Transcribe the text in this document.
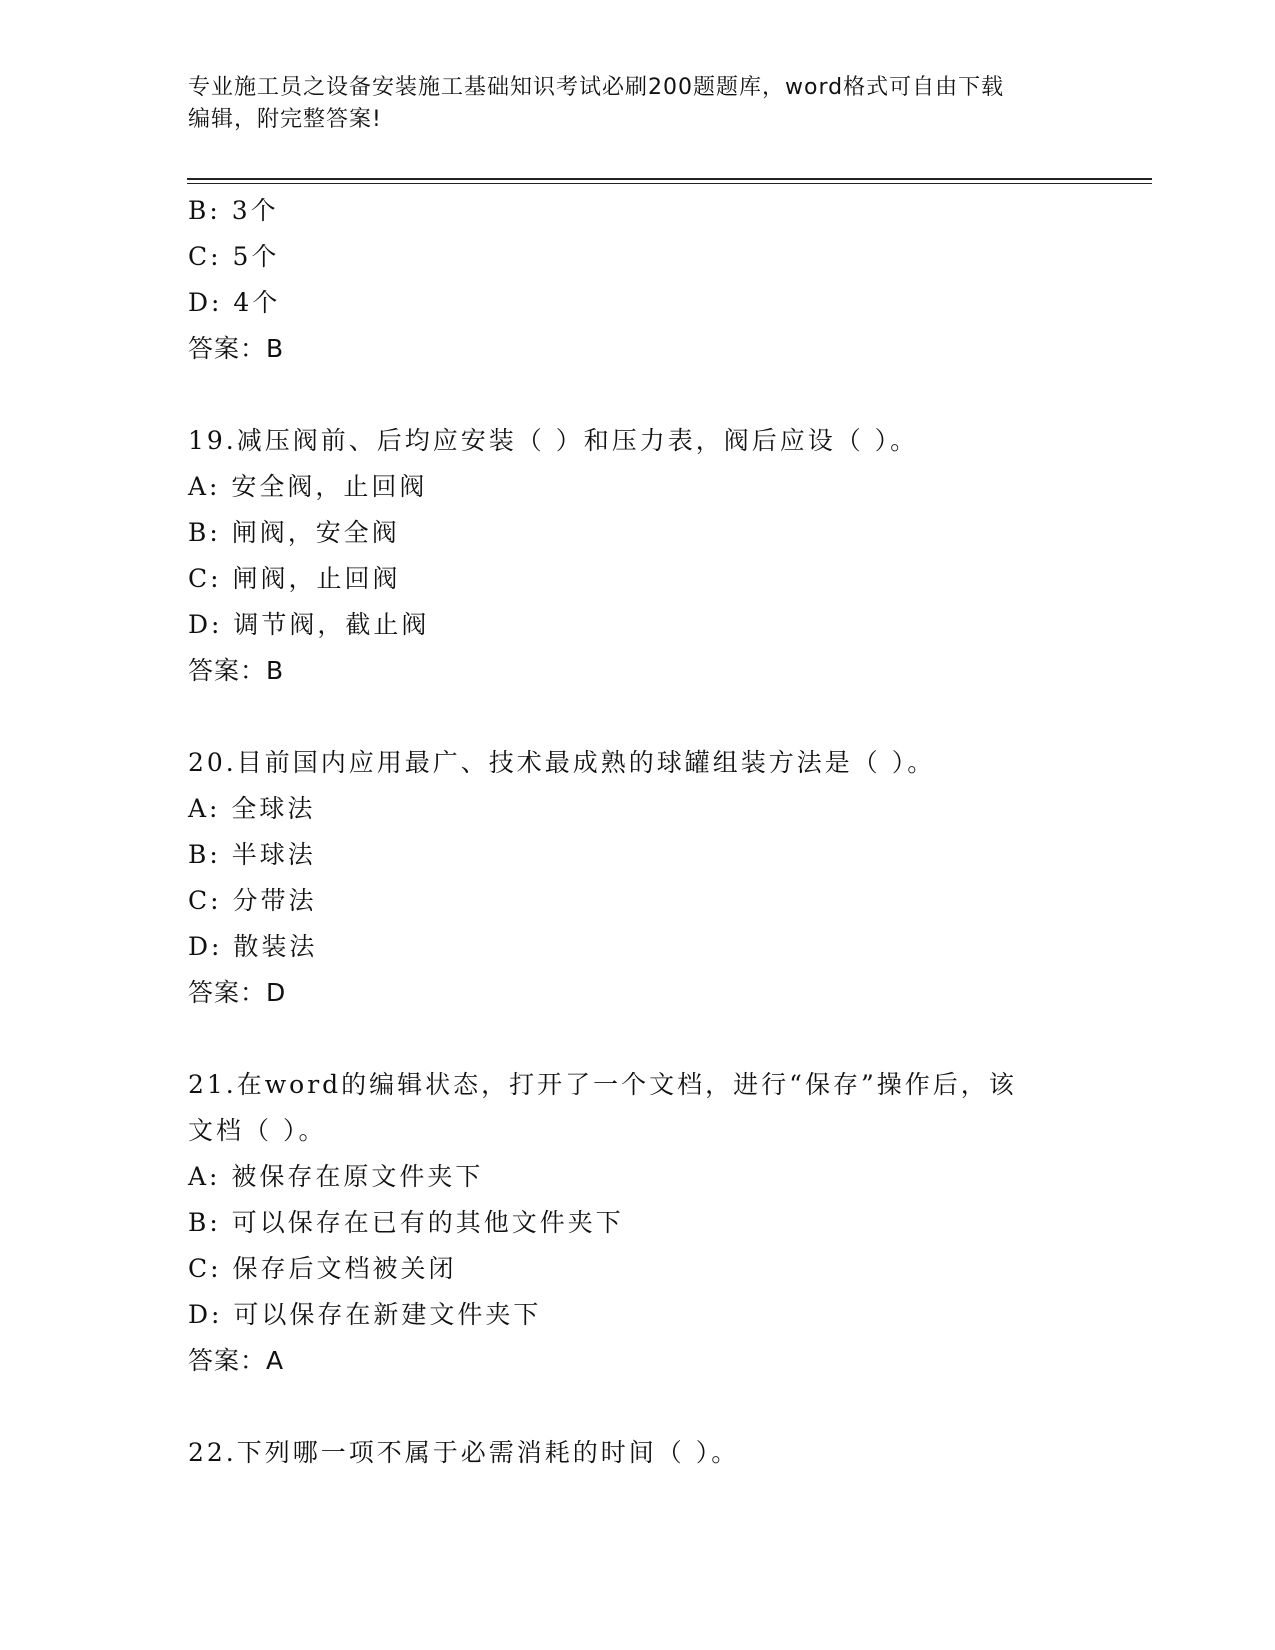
专业施工员之设备安装施工基础知识考试必刷200题题库，word格式可自由下载
编辑，附完整答案!
B: 3个
C: 5个
D: 4个
答案：B
19.减压阀前、后均应安装（ ）和压力表，阀后应设（ ）。
A: 安全阀，止回阀
B: 闸阀，安全阀
C: 闸阀，止回阀
D: 调节阀，截止阀
答案：B
20.目前国内应用最广、技术最成熟的球罐组装方法是（ ）。
A: 全球法
B: 半球法
C: 分带法
D: 散装法
答案：D
21.在word的编辑状态，打开了一个文档，进行“保存”操作后，该
文档（ ）。
A: 被保存在原文件夹下
B: 可以保存在已有的其他文件夹下
C: 保存后文档被关闭
D: 可以保存在新建文件夹下
答案：A
22.下列哪一项不属于必需消耗的时间（ ）。
